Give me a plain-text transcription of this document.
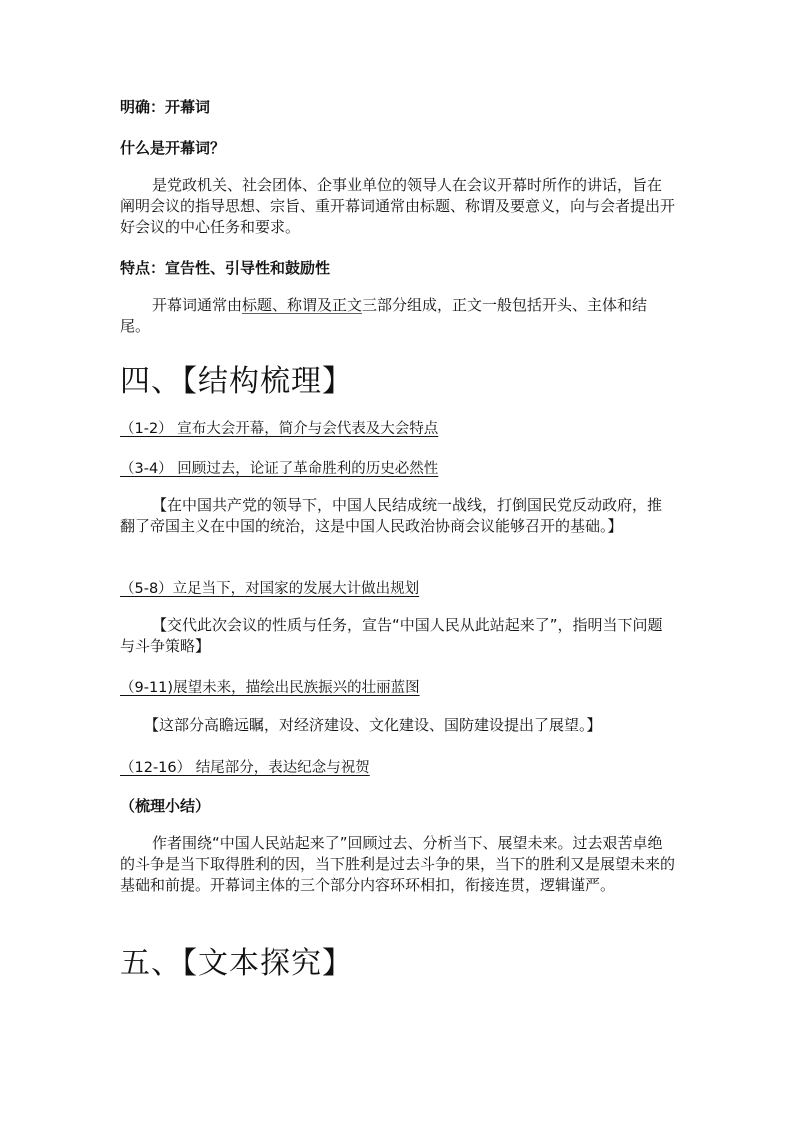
明确：开幕词
什么是开幕词？
是党政机关、社会团体、企事业单位的领导人在会议开幕时所作的讲话，旨在阐明会议的指导思想、宗旨、重开幕词通常由标题、称谓及要意义，向与会者提出开好会议的中心任务和要求。
特点：宣告性、引导性和鼓励性
开幕词通常由标题、称谓及正文三部分组成，正文一般包括开头、主体和结尾。
四、【结构梳理】
（1-2） 宣布大会开幕，简介与会代表及大会特点
（3-4） 回顾过去，论证了革命胜利的历史必然性
【在中国共产党的领导下，中国人民结成统一战线，打倒国民党反动政府，推翻了帝国主义在中国的统治，这是中国人民政治协商会议能够召开的基础。】
（5-8）立足当下，对国家的发展大计做出规划
【交代此次会议的性质与任务，宣告“中国人民从此站起来了”，指明当下问题与斗争策略】
（9-11)展望未来，描绘出民族振兴的壮丽蓝图
【这部分高瞻远瞩，对经济建设、文化建设、国防建设提出了展望。】
（12-16） 结尾部分，表达纪念与祝贺
（梳理小结）
作者围绕“中国人民站起来了”回顾过去、分析当下、展望未来。过去艰苦卓绝的斗争是当下取得胜利的因，当下胜利是过去斗争的果，当下的胜利又是展望未来的基础和前提。开幕词主体的三个部分内容环环相扣，衔接连贯，逻辑谨严。
五、【文本探究】
